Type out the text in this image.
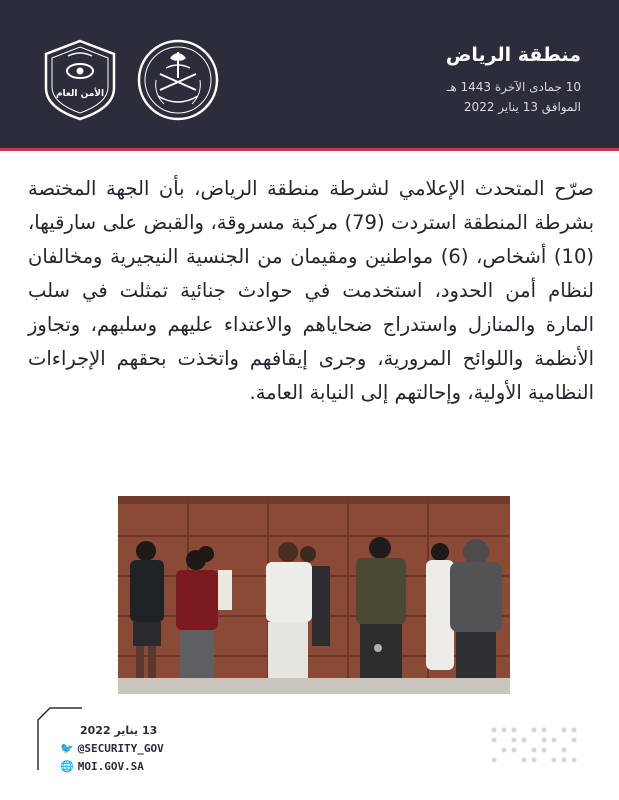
الأمن العام
منطقة الرياض
10 جمادى الآخرة 1443 هـ
الموافق 13 يناير 2022
صرّح المتحدث الإعلامي لشرطة منطقة الرياض، بأن الجهة المختصة بشرطة المنطقة استردت (79) مركبة مسروقة، والقبض على سارقيها، (10) أشخاص، (6) مواطنين ومقيمان من الجنسية النيجيرية ومخالفان لنظام أمن الحدود، استخدمت في حوادث جنائية تمثلت في سلب المارة والمنازل واستدراج ضحاياهم والاعتداء عليهم وسلبهم، وتجاوز الأنظمة واللوائح المرورية، وجرى إيقافهم واتخذت بحقهم الإجراءات النظامية الأولية، وإحالتهم إلى النيابة العامة.
13 يناير 2022
🐦 @SECURITY_GOV
🌐 MOI.GOV.SA
